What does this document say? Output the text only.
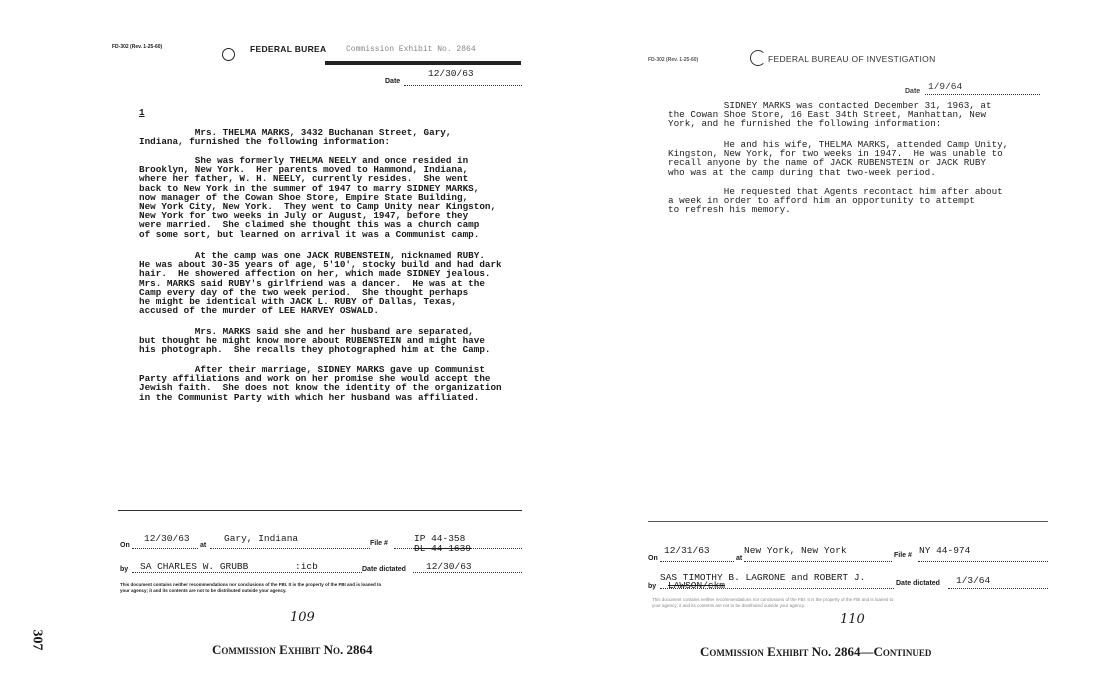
FD-302 (Rev. 1-25-60)	FEDERAL BUREA Commission Exhibit No. 2864
Date
12/30/63
1
Mrs. THELMA MARKS, 3432 Buchanan Street, Gary,
Indiana, furnished the following information:
She was formerly THELMA NEELY and once resided in
Brooklyn, New York.  Her parents moved to Hammond, Indiana,
where her father, W. H. NEELY, currently resides.  She went
back to New York in the summer of 1947 to marry SIDNEY MARKS,
now manager of the Cowan Shoe Store, Empire State Building,
New York City, New York.  They went to Camp Unity near Kingston,
New York for two weeks in July or August, 1947, before they
were married.  She claimed she thought this was a church camp
of some sort, but learned on arrival it was a Communist camp.
At the camp was one JACK RUBENSTEIN, nicknamed RUBY.
He was about 30-35 years of age, 5'10', stocky build and had dark
hair.  He showered affection on her, which made SIDNEY jealous.
Mrs. MARKS said RUBY's girlfriend was a dancer.  He was at the
Camp every day of the two week period.  She thought perhaps
he might be identical with JACK L. RUBY of Dallas, Texas,
accused of the murder of LEE HARVEY OSWALD.
Mrs. MARKS said she and her husband are separated,
but thought he might know more about RUBENSTEIN and might have
his photograph.  She recalls they photographed him at the Camp.
After their marriage, SIDNEY MARKS gave up Communist
Party affiliations and work on her promise she would accept the
Jewish faith.  She does not know the identity of the organization
in the Communist Party with which her husband was affiliated.
On
12/30/63
at
Gary, Indiana	File #	IP 44-358
DL 44-1639
by SA CHARLES W. GRUBB	:icb	Date dictated 12/30/63
This document contains neither recommendations nor conclusions of the FBI. It is the property of the FBI and is loaned to
your agency; it and its contents are not to be distributed outside your agency.
109
Commission Exhibit No. 2864
307
FD-302 (Rev. 1-25-60)	FEDERAL BUREAU OF INVESTIGATION
Date 1/9/64
SIDNEY MARKS was contacted December 31, 1963, at
the Cowan Shoe Store, 16 East 34th Street, Manhattan, New
York, and he furnished the following information:
He and his wife, THELMA MARKS, attended Camp Unity,
Kingston, New York, for two weeks in 1947.  He was unable to
recall anyone by the name of JACK RUBENSTEIN or JACK RUBY
who was at the camp during that two-week period.
He requested that Agents recontact him after about
a week in order to afford him an opportunity to attempt
to refresh his memory.
On
12/31/63
at
New York, New York	File # NY 44-974
SAS TIMOTHY B. LAGRONE and ROBERT J.
by LAWSON/ckm	Date dictated 1/3/64
This document contains neither recommendations nor conclusions of the FBI. It is the property of the FBI and is loaned to
your agency; it and its contents are not to be distributed outside your agency.
110
Commission Exhibit No. 2864—Continued
